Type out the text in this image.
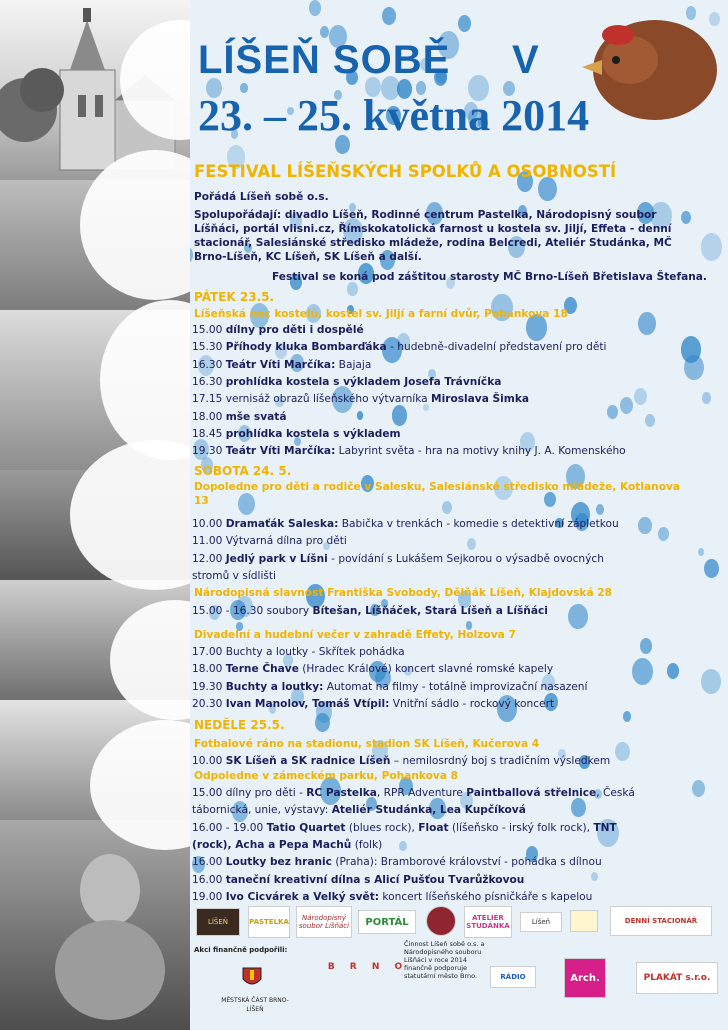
LÍŠEŇ SOBĚ V
23. – 25. května 2014
FESTIVAL LÍŠEŇSKÝCH SPOLKŮ A OSOBNOSTÍ
Pořádá Líšeň sobě o.s.
Spolupořádají: divadlo Líšeň, Rodinné centrum Pastelka, Národopisný soubor Líšňáci, portál vlisni.cz, Římskokatolická farnost u kostela sv. Jiljí, Effeta - denní stacionář, Salesiánské středisko mládeže, rodina Belcredi, Ateliér Studánka, MČ Brno-Líšeň, KC Líšeň, SK Líšeň a další.
Festival se koná pod záštitou starosty MČ Brno-Líšeň Břetislava Štefana.
PÁTEK 23.5.
Líšeňská noc kostelů, kostel sv. Jiljí a farní dvůr, Pohankova 18
15.00 dílny pro děti i dospělé
15.30 Příhody kluka Bombarďáka - hudebně-divadelní představení pro děti
16.30 Teátr Víti Marčíka: Bajaja
16.30 prohlídka kostela s výkladem Josefa Trávníčka
17.15 vernisáž obrazů líšeňského výtvarníka Miroslava Šimka
18.00 mše svatá
18.45 prohlídka kostela s výkladem
19.30 Teátr Víti Marčíka: Labyrint světa - hra na motivy knihy J. A. Komenského
SOBOTA 24. 5.
Dopoledne pro děti a rodiče v Salesku, Salesiánské středisko mládeže, Kotlanova 13
10.00 Dramaťák Saleska: Babička v trenkách - komedie s detektivní zápletkou
11.00 Výtvarná dílna pro děti
12.00 Jedlý park v Líšni - povídání s Lukášem Sejkorou o výsadbě ovocných
stromů v sídlišti
Národopisná slavnost Františka Svobody, Dělňák Líšeň, Klajdovská 28
15.00 - 16.30 soubory Bítešan, Líšňáček, Stará Líšeň a Líšňáci
Divadelní a hudební večer v zahradě Effety, Holzova 7
17.00 Buchty a loutky - Skřítek pohádka
18.00 Terne Čhave (Hradec Králové) koncert slavné romské kapely
19.30 Buchty a loutky: Automat na filmy - totálně improvizační nasazení
20.30 Ivan Manolov, Tomáš Vtípil: Vnitřní sádlo - rockový koncert
NEDĚLE 25.5.
Fotbalové ráno na stadionu, stadion SK Líšeň, Kučerova 4
10.00 SK Líšeň a SK radnice Líšeň – nemilosrdný boj s tradičním výsledkem
Odpoledne v zámeckém parku, Pohankova 8
15.00 dílny pro děti - RC Pastelka, RPR Adventure Paintballová střelnice, Česká
tábornická, unie, výstavy: Ateliér Studánka, Lea Kupčíková
16.00 - 19.00 Tatio Quartet (blues rock), Float (líšeňsko - irský folk rock), TNT
(rock), Acha a Pepa Machů (folk)
16.00 Loutky bez hranic (Praha): Bramborové království - pohádka s dílnou
16.00 taneční kreativní dílna s Alicí Pušťou Tvarůžkovou
19.00 Ivo Cicvárek a Velký svět: koncert líšeňského písničkáře s kapelou
LÍŠEŇ	PASTELKA	Národopisný soubor Líšňáci	PORTÁL	ATELIÉR STUDÁNKA	Líšeň	DENNÍ STACIONÁŘ
Akci finančně podpořili:
MĚSTSKÁ ČÁST BRNO-LÍŠEŇ
B R N O
Činnost Líšeň sobě o.s. a Národopisného souboru Líšňáci v roce 2014 finančně podporuje statutární město Brno.	RÁDIO	Arch.	PLAKÁT s.r.o.
